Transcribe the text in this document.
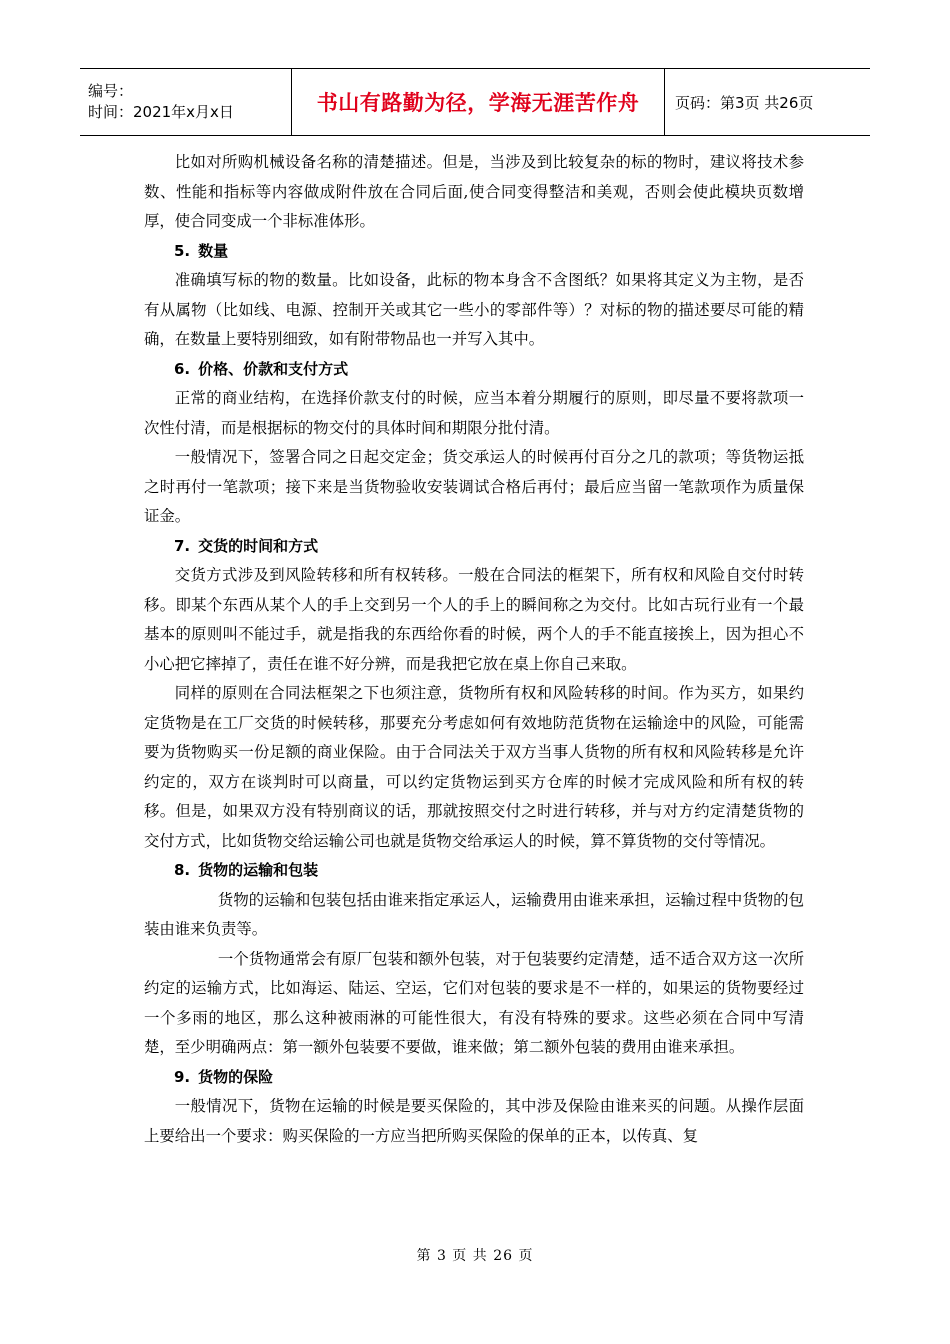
编号：
时间：2021年x月x日	书山有路勤为径，学海无涯苦作舟	页码：第3页 共26页

比如对所购机械设备名称的清楚描述。但是，当涉及到比较复杂的标的物时，建议将技术参数、性能和指标等内容做成附件放在合同后面,使合同变得整洁和美观，否则会使此模块页数增厚，使合同变成一个非标准体形。

5. 数量

准确填写标的物的数量。比如设备，此标的物本身含不含图纸？如果将其定义为主物，是否有从属物（比如线、电源、控制开关或其它一些小的零部件等）？对标的物的描述要尽可能的精确，在数量上要特别细致，如有附带物品也一并写入其中。

6. 价格、价款和支付方式

正常的商业结构，在选择价款支付的时候，应当本着分期履行的原则，即尽量不要将款项一次性付清，而是根据标的物交付的具体时间和期限分批付清。

一般情况下，签署合同之日起交定金；货交承运人的时候再付百分之几的款项；等货物运抵之时再付一笔款项；接下来是当货物验收安装调试合格后再付；最后应当留一笔款项作为质量保证金。

7. 交货的时间和方式

交货方式涉及到风险转移和所有权转移。一般在合同法的框架下，所有权和风险自交付时转移。即某个东西从某个人的手上交到另一个人的手上的瞬间称之为交付。比如古玩行业有一个最基本的原则叫不能过手，就是指我的东西给你看的时候，两个人的手不能直接挨上，因为担心不小心把它摔掉了，责任在谁不好分辨，而是我把它放在桌上你自己来取。

同样的原则在合同法框架之下也须注意，货物所有权和风险转移的时间。作为买方，如果约定货物是在工厂交货的时候转移，那要充分考虑如何有效地防范货物在运输途中的风险，可能需要为货物购买一份足额的商业保险。由于合同法关于双方当事人货物的所有权和风险转移是允许约定的，双方在谈判时可以商量，可以约定货物运到买方仓库的时候才完成风险和所有权的转移。但是，如果双方没有特别商议的话，那就按照交付之时进行转移，并与对方约定清楚货物的交付方式，比如货物交给运输公司也就是货物交给承运人的时候，算不算货物的交付等情况。

8. 货物的运输和包装

货物的运输和包装包括由谁来指定承运人，运输费用由谁来承担，运输过程中货物的包装由谁来负责等。

一个货物通常会有原厂包装和额外包装，对于包装要约定清楚，适不适合双方这一次所约定的运输方式，比如海运、陆运、空运，它们对包装的要求是不一样的，如果运的货物要经过一个多雨的地区，那么这种被雨淋的可能性很大，有没有特殊的要求。这些必须在合同中写清楚，至少明确两点：第一额外包装要不要做，谁来做；第二额外包装的费用由谁来承担。

9. 货物的保险

一般情况下，货物在运输的时候是要买保险的，其中涉及保险由谁来买的问题。从操作层面上要给出一个要求：购买保险的一方应当把所购买保险的保单的正本，以传真、复

第 3 页 共 26 页
